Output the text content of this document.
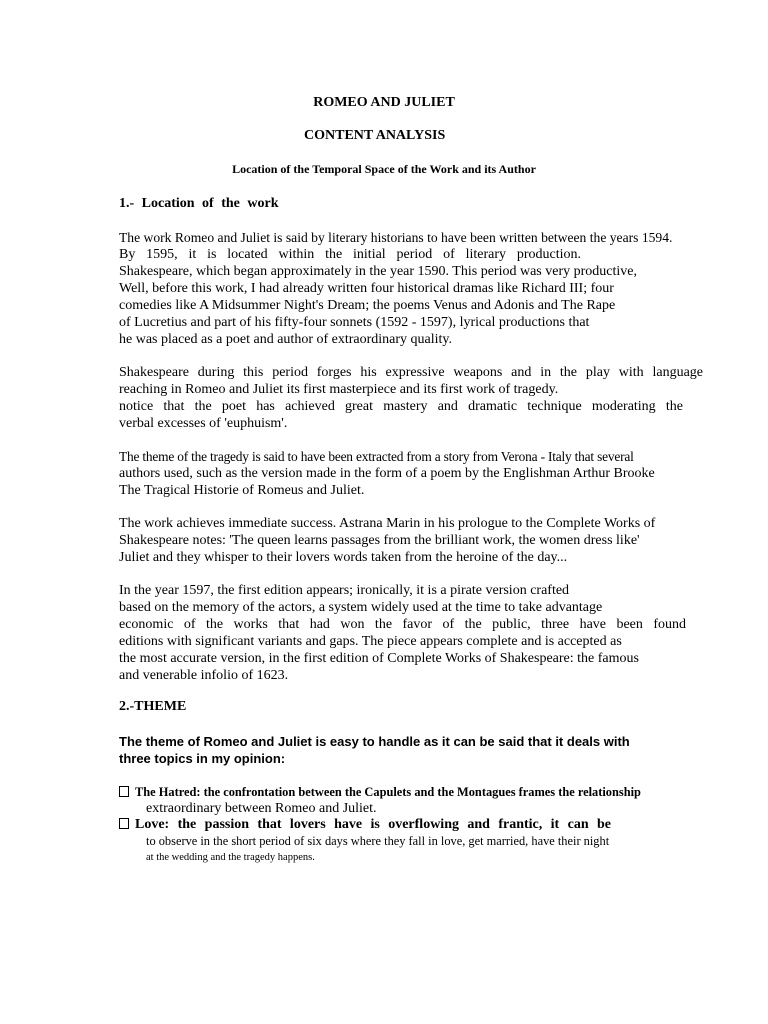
ROMEO AND JULIET
CONTENT ANALYSIS
Location of the Temporal Space of the Work and its Author
1.- Location of the work
The work Romeo and Juliet is said by literary historians to have been written between the years 1594.
By 1595, it is located within the initial period of literary production.
Shakespeare, which began approximately in the year 1590. This period was very productive,
Well, before this work, I had already written four historical dramas like Richard III; four
comedies like A Midsummer Night's Dream; the poems Venus and Adonis and The Rape
of Lucretius and part of his fifty-four sonnets (1592 - 1597), lyrical productions that
he was placed as a poet and author of extraordinary quality.
Shakespeare during this period forges his expressive weapons and in the play with language
reaching in Romeo and Juliet its first masterpiece and its first work of tragedy.
notice that the poet has achieved great mastery and dramatic technique moderating the
verbal excesses of 'euphuism'.
The theme of the tragedy is said to have been extracted from a story from Verona - Italy that several
authors used, such as the version made in the form of a poem by the Englishman Arthur Brooke
The Tragical Historie of Romeus and Juliet.
The work achieves immediate success. Astrana Marin in his prologue to the Complete Works of
Shakespeare notes: 'The queen learns passages from the brilliant work, the women dress like'
Juliet and they whisper to their lovers words taken from the heroine of the day...
In the year 1597, the first edition appears; ironically, it is a pirate version crafted
based on the memory of the actors, a system widely used at the time to take advantage
economic of the works that had won the favor of the public, three have been found
editions with significant variants and gaps. The piece appears complete and is accepted as
the most accurate version, in the first edition of Complete Works of Shakespeare: the famous
and venerable infolio of 1623.
2.-THEME
The theme of Romeo and Juliet is easy to handle as it can be said that it deals with
three topics in my opinion:
The Hatred: the confrontation between the Capulets and the Montagues frames the relationship
extraordinary between Romeo and Juliet.
Love: the passion that lovers have is overflowing and frantic, it can be
to observe in the short period of six days where they fall in love, get married, have their night
at the wedding and the tragedy happens.
